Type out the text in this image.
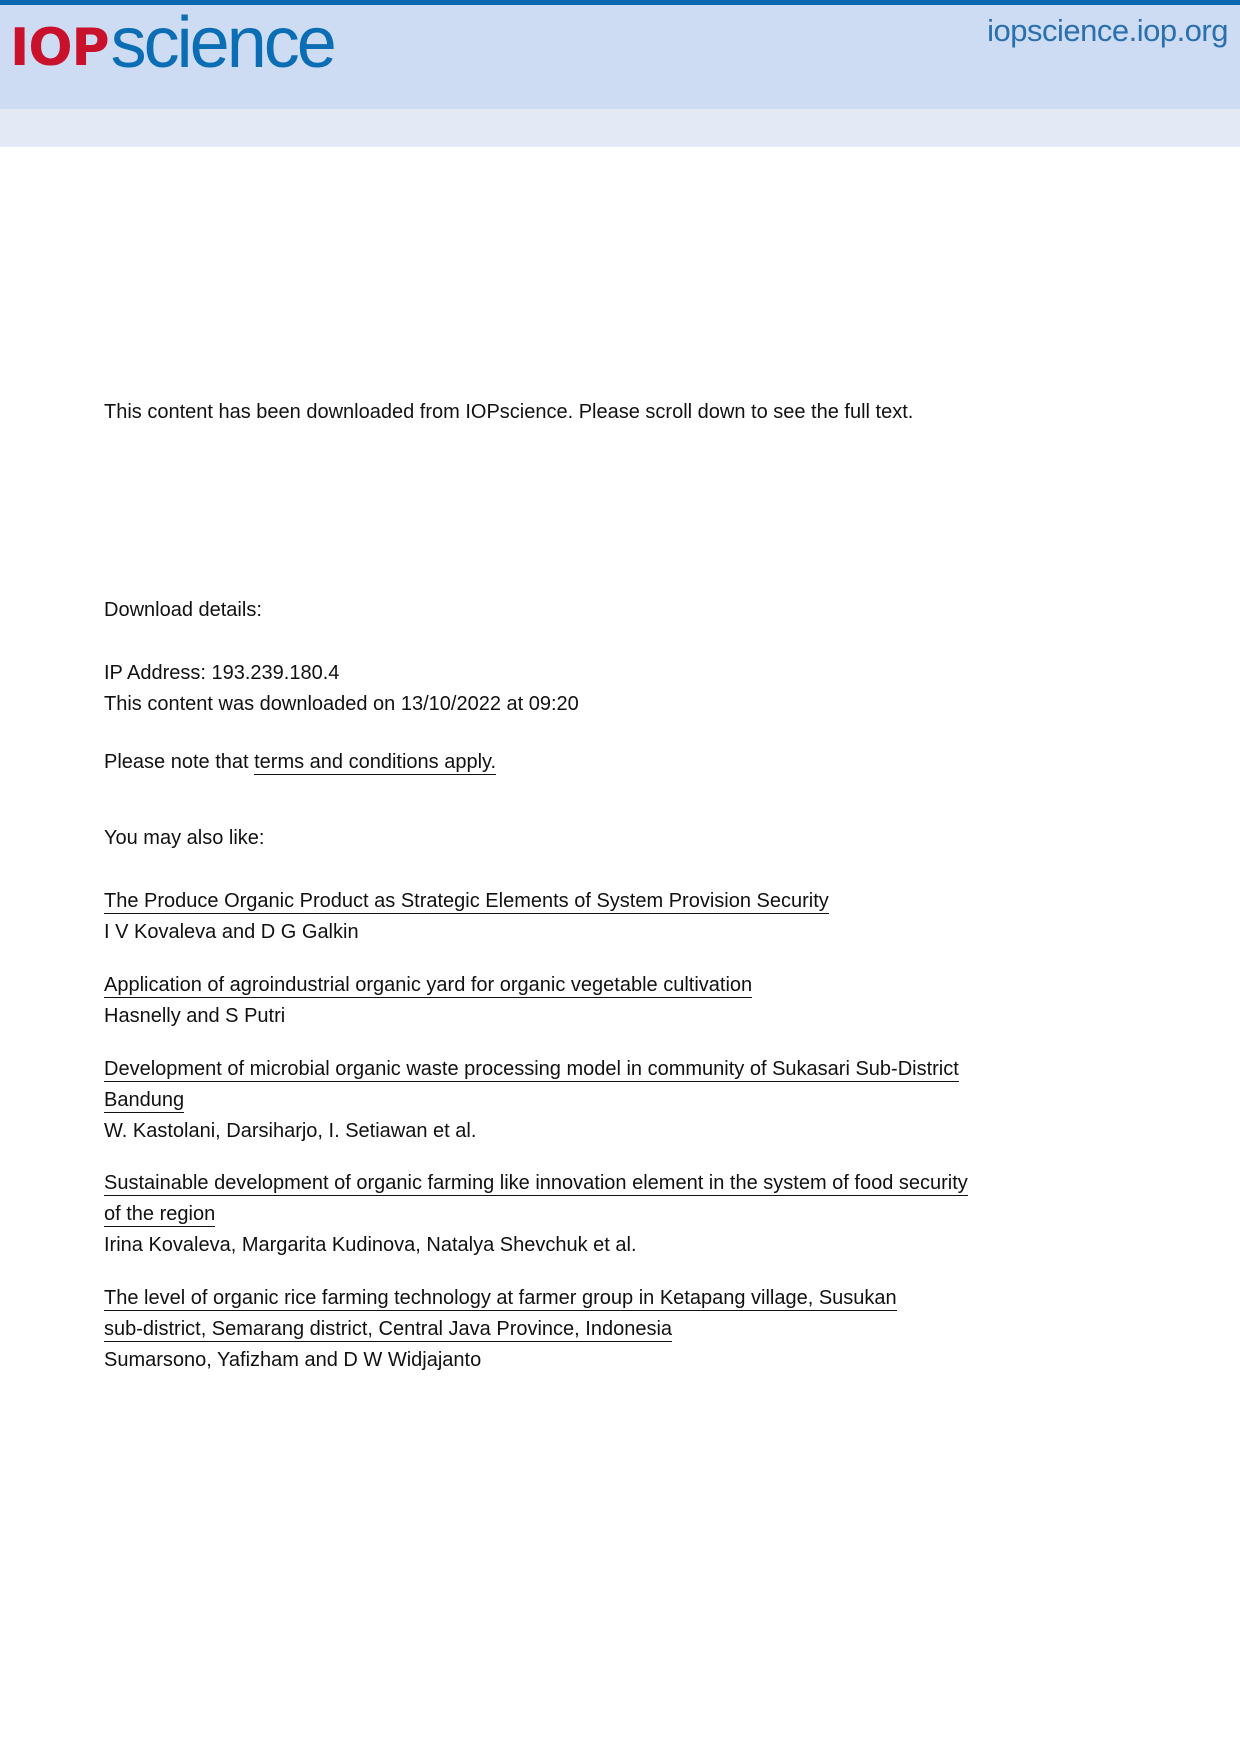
IOP science	iopscience.iop.org
This content has been downloaded from IOPscience. Please scroll down to see the full text.
Download details:
IP Address: 193.239.180.4
This content was downloaded on 13/10/2022 at 09:20
Please note that terms and conditions apply.
You may also like:
The Produce Organic Product as Strategic Elements of System Provision Security
I V Kovaleva and D G Galkin
Application of agroindustrial organic yard for organic vegetable cultivation
Hasnelly and S Putri
Development of microbial organic waste processing model in community of Sukasari Sub-District
Bandung
W. Kastolani, Darsiharjo, I. Setiawan et al.
Sustainable development of organic farming like innovation element in the system of food security
of the region
Irina Kovaleva, Margarita Kudinova, Natalya Shevchuk et al.
The level of organic rice farming technology at farmer group in Ketapang village, Susukan
sub-district, Semarang district, Central Java Province, Indonesia
Sumarsono, Yafizham and D W Widjajanto
